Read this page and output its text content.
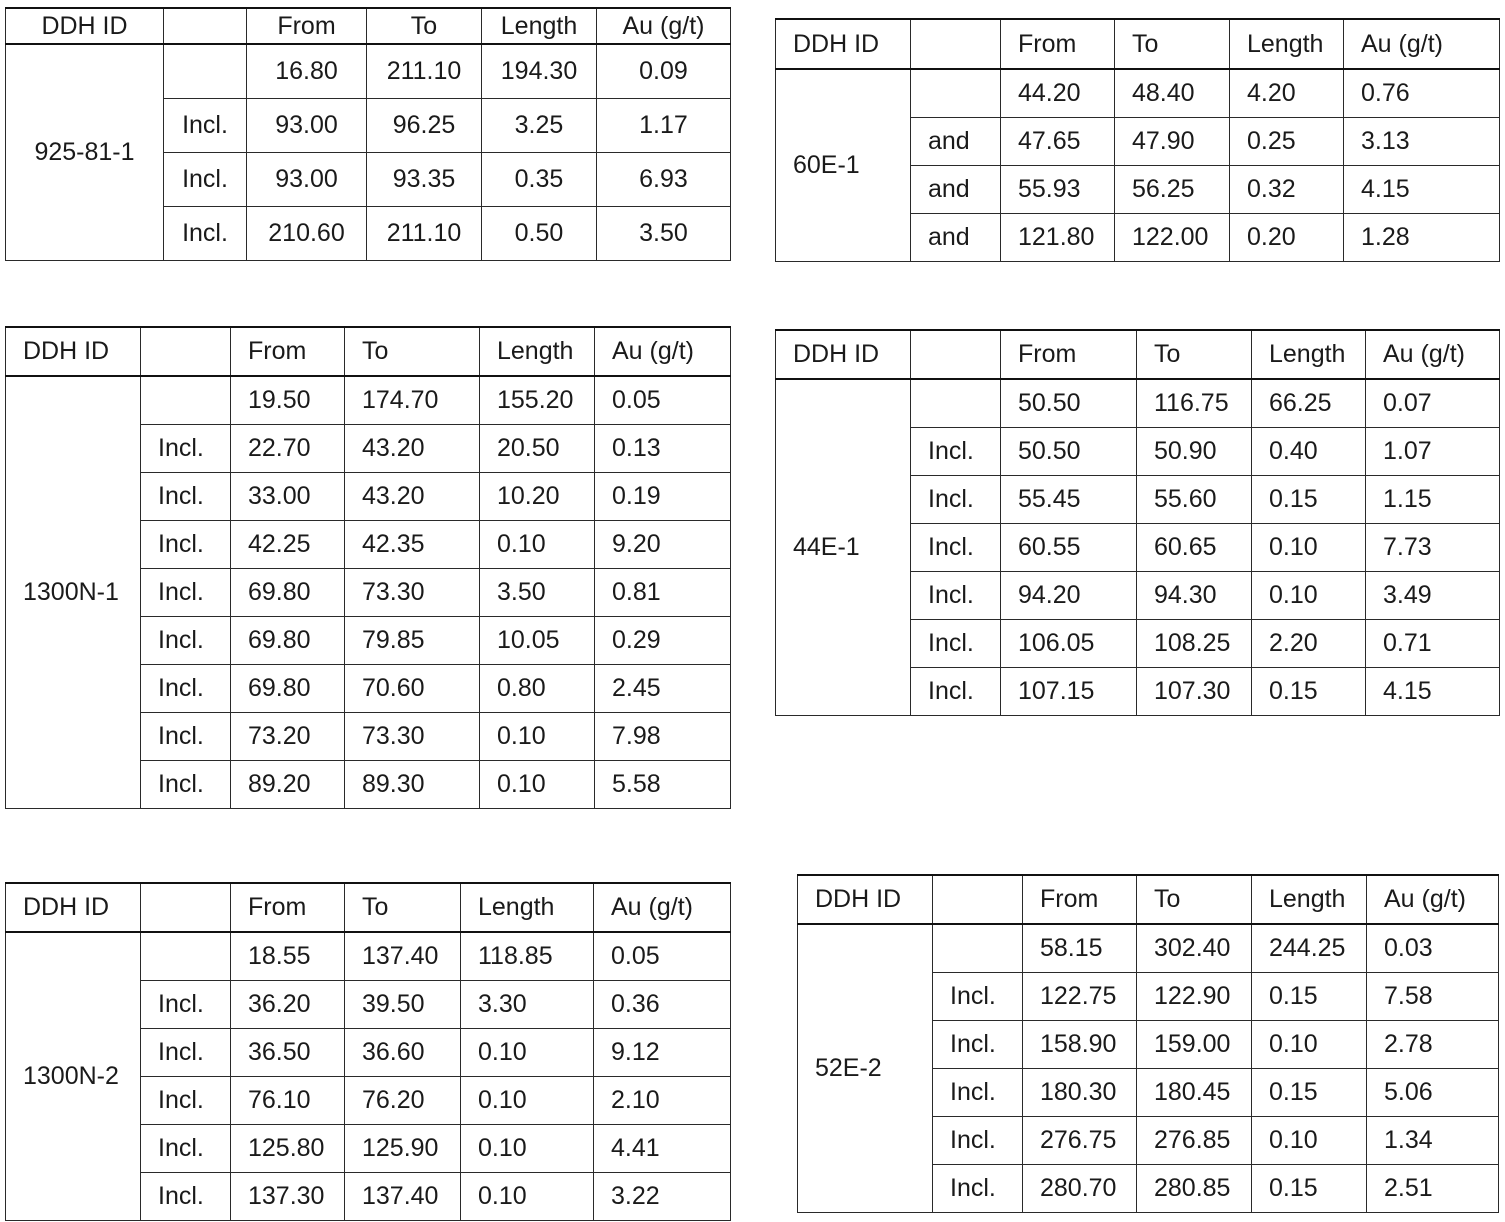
DDH ID		From	To	Length	Au (g/t)
925-81-1		16.80	211.10	194.30	0.09
	Incl.	93.00	96.25	3.25	1.17
	Incl.	93.00	93.35	0.35	6.93
	Incl.	210.60	211.10	0.50	3.50
DDH ID		From	To	Length	Au (g/t)
60E-1		44.20	48.40	4.20	0.76
	and	47.65	47.90	0.25	3.13
	and	55.93	56.25	0.32	4.15
	and	121.80	122.00	0.20	1.28
DDH ID		From	To	Length	Au (g/t)
1300N-1		19.50	174.70	155.20	0.05
	Incl.	22.70	43.20	20.50	0.13
	Incl.	33.00	43.20	10.20	0.19
	Incl.	42.25	42.35	0.10	9.20
	Incl.	69.80	73.30	3.50	0.81
	Incl.	69.80	79.85	10.05	0.29
	Incl.	69.80	70.60	0.80	2.45
	Incl.	73.20	73.30	0.10	7.98
	Incl.	89.20	89.30	0.10	5.58
DDH ID		From	To	Length	Au (g/t)
44E-1		50.50	116.75	66.25	0.07
	Incl.	50.50	50.90	0.40	1.07
	Incl.	55.45	55.60	0.15	1.15
	Incl.	60.55	60.65	0.10	7.73
	Incl.	94.20	94.30	0.10	3.49
	Incl.	106.05	108.25	2.20	0.71
	Incl.	107.15	107.30	0.15	4.15
DDH ID		From	To	Length	Au (g/t)
1300N-2		18.55	137.40	118.85	0.05
	Incl.	36.20	39.50	3.30	0.36
	Incl.	36.50	36.60	0.10	9.12
	Incl.	76.10	76.20	0.10	2.10
	Incl.	125.80	125.90	0.10	4.41
	Incl.	137.30	137.40	0.10	3.22
DDH ID		From	To	Length	Au (g/t)
52E-2		58.15	302.40	244.25	0.03
	Incl.	122.75	122.90	0.15	7.58
	Incl.	158.90	159.00	0.10	2.78
	Incl.	180.30	180.45	0.15	5.06
	Incl.	276.75	276.85	0.10	1.34
	Incl.	280.70	280.85	0.15	2.51
